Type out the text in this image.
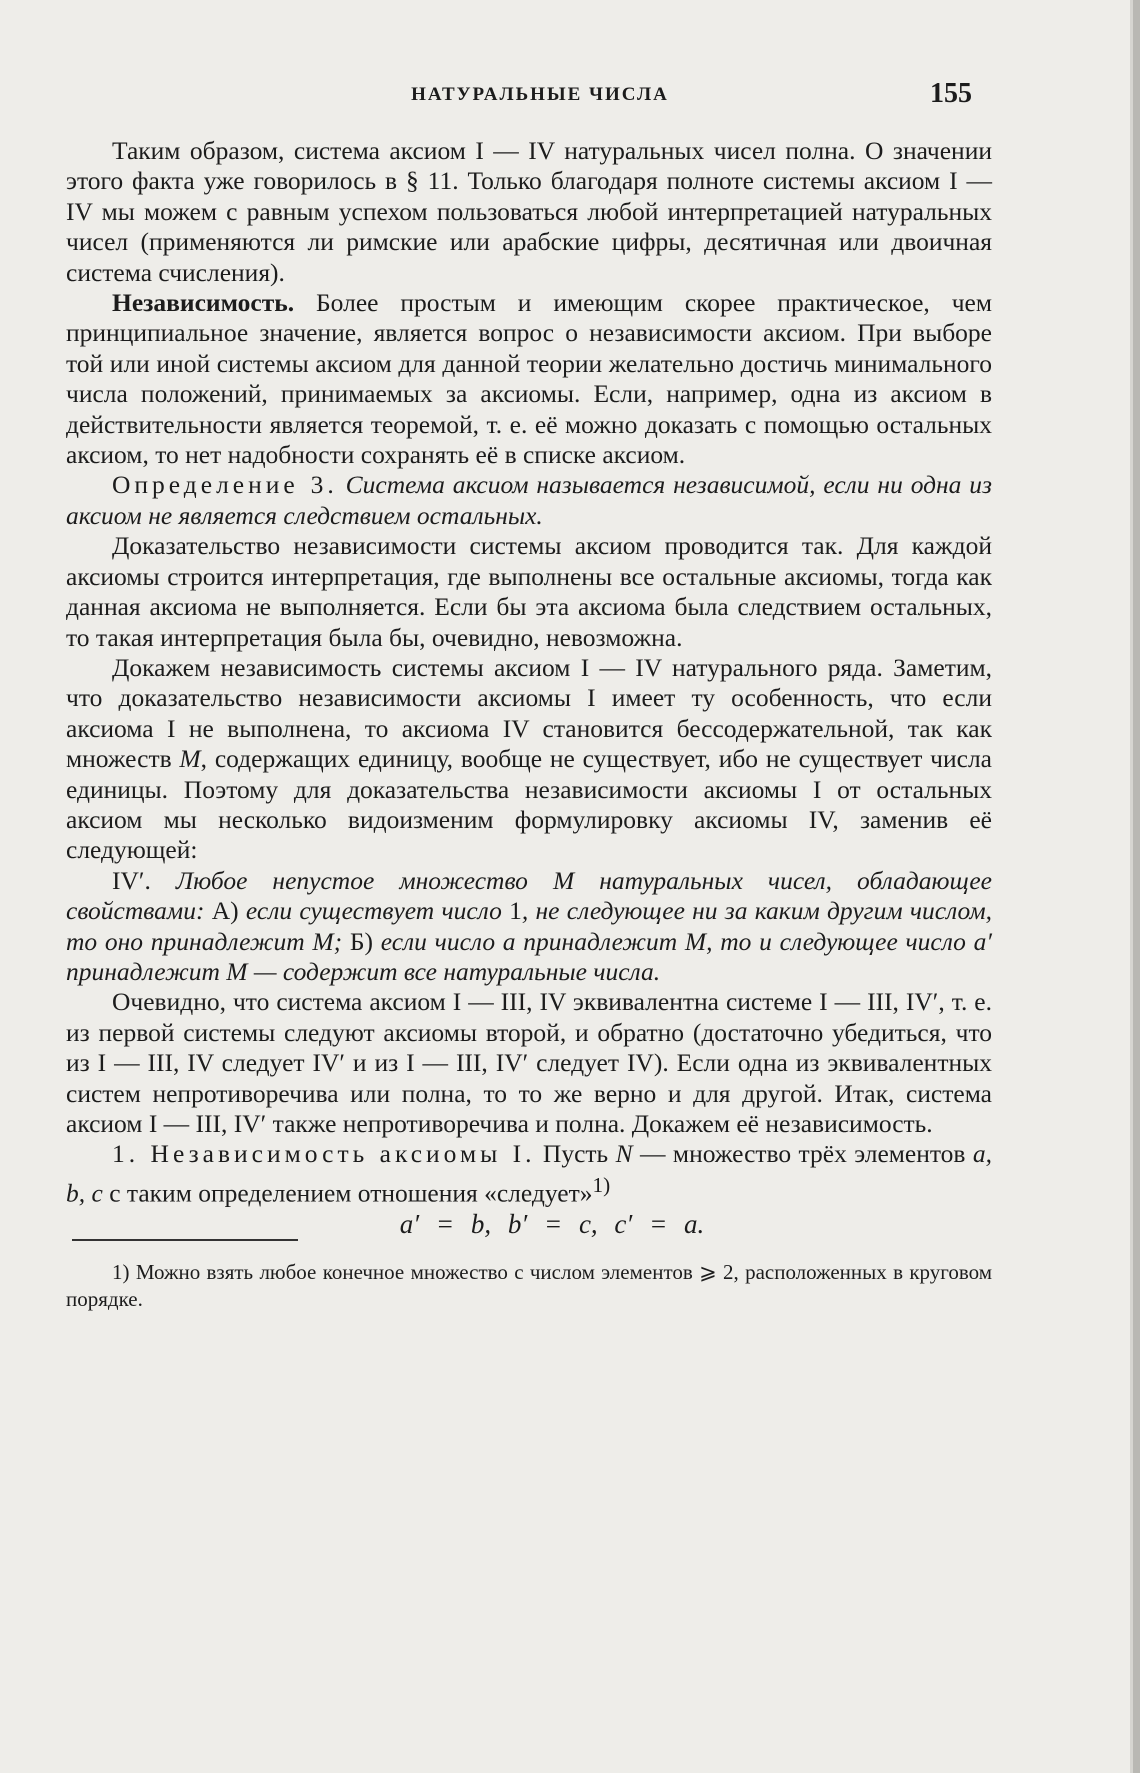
НАТУРАЛЬНЫЕ ЧИСЛА	155

Таким образом, система аксиом I — IV натуральных чисел полна. О значении этого факта уже говорилось в § 11. Только благодаря полноте системы аксиом I — IV мы можем с равным успехом пользоваться любой интерпретацией натуральных чисел (применяются ли римские или арабские цифры, десятичная или двоичная система счисления).

Независимость. Более простым и имеющим скорее практическое, чем принципиальное значение, является вопрос о независимости аксиом. При выборе той или иной системы аксиом для данной теории желательно достичь минимального числа положений, принимаемых за аксиомы. Если, например, одна из аксиом в действительности является теоремой, т. е. её можно доказать с помощью остальных аксиом, то нет надобности сохранять её в списке аксиом.

Определение 3. Система аксиом называется независимой, если ни одна из аксиом не является следствием остальных.

Доказательство независимости системы аксиом проводится так. Для каждой аксиомы строится интерпретация, где выполнены все остальные аксиомы, тогда как данная аксиома не выполняется. Если бы эта аксиома была следствием остальных, то такая интерпретация была бы, очевидно, невозможна.

Докажем независимость системы аксиом I — IV натурального ряда. Заметим, что доказательство независимости аксиомы I имеет ту особенность, что если аксиома I не выполнена, то аксиома IV становится бессодержательной, так как множеств M, содержащих единицу, вообще не существует, ибо не существует числа единицы. Поэтому для доказательства независимости аксиомы I от остальных аксиом мы несколько видоизменим формулировку аксиомы IV, заменив её следующей:

IV′. Любое непустое множество M натуральных чисел, обладающее свойствами: А) если существует число 1, не следующее ни за каким другим числом, то оно принадлежит M; Б) если число a принадлежит M, то и следующее число a′ принадлежит M — содержит все натуральные числа.

Очевидно, что система аксиом I — III, IV эквивалентна системе I — III, IV′, т. е. из первой системы следуют аксиомы второй, и обратно (достаточно убедиться, что из I — III, IV следует IV′ и из I — III, IV′ следует IV). Если одна из эквивалентных систем непротиворечива или полна, то то же верно и для другой. Итак, система аксиом I — III, IV′ также непротиворечива и полна. Докажем её независимость.

1. Независимость аксиомы I. Пусть N — множество трёх элементов a, b, c с таким определением отношения «следует»$^{1)}$

a′ = b, b′ = c, c′ = a.

1) Можно взять любое конечное множество с числом элементов ⩾ 2, расположенных в круговом порядке.
